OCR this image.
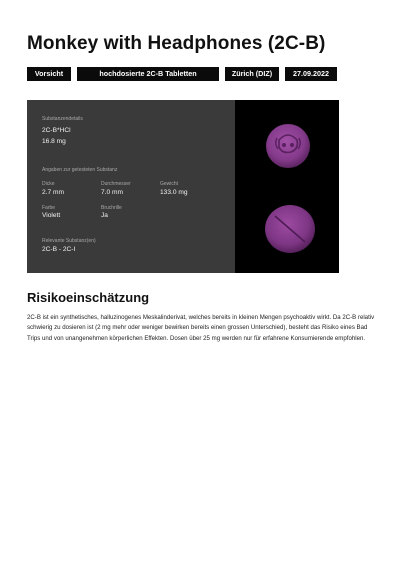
Monkey with Headphones (2C-B)
Vorsicht	hochdosierte 2C-B Tabletten	Zürich (DIZ)	27.09.2022
Substanzendetails
2C-B*HCl
16.8 mg
Angaben zur getesteten Substanz
Dicke
2.7 mm
Durchmesser
7.0 mm
Gewicht
133.0 mg
Farbe
Violett
Bruchrille
Ja
Relevante Substanz(en)
2C-B - 2C-I
Risikoeinschätzung
2C-B ist ein synthetisches, halluzinogenes Meskalinderivat, welches bereits in kleinen Mengen psychoaktiv wirkt. Da 2C-B relativ schwierig zu dosieren ist (2 mg mehr oder weniger bewirken bereits einen grossen Unterschied), besteht das Risiko eines Bad Trips und von unangenehmen körperlichen Effekten. Dosen über 25 mg werden nur für erfahrene Konsumierende empfohlen.
